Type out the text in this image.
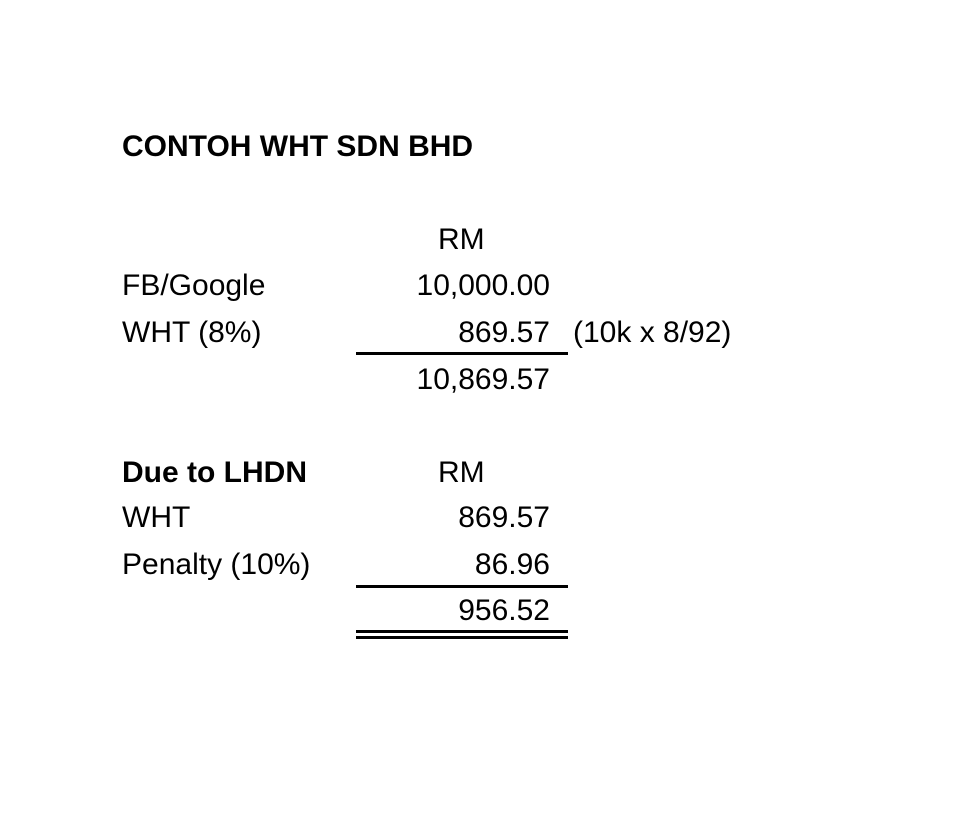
CONTOH WHT SDN BHD
RM
FB/Google	10,000.00
WHT (8%)	869.57 (10k x 8/92)
10,869.57
Due to LHDN	RM
WHT	869.57
Penalty (10%)	86.96
956.52
